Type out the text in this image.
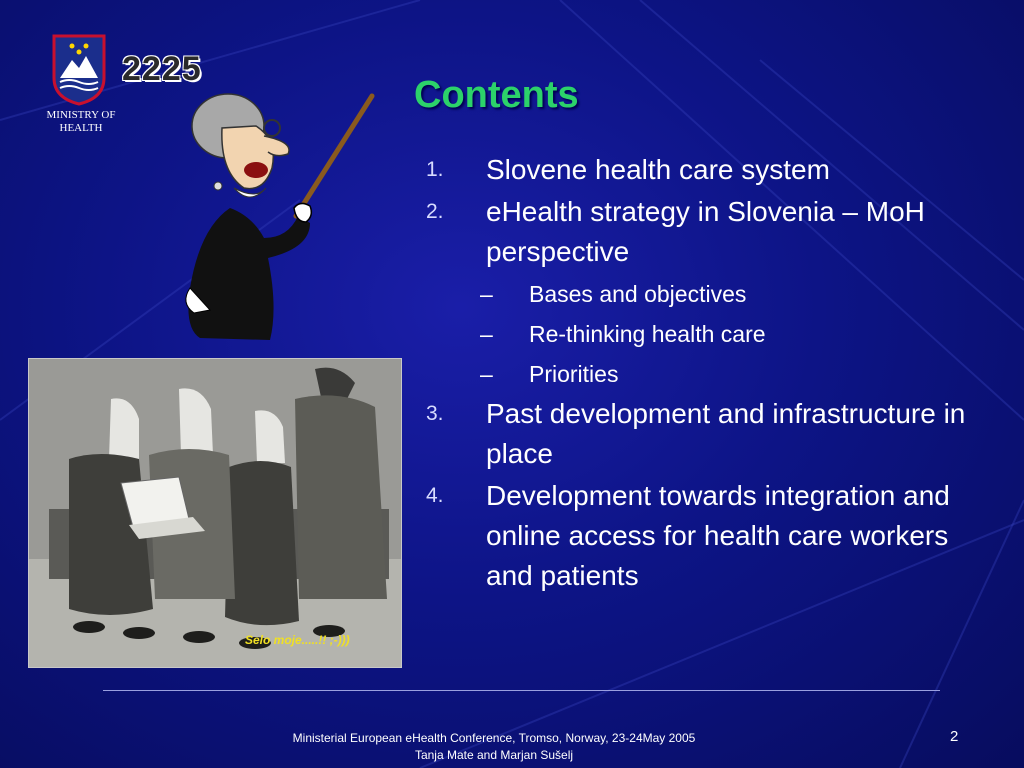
MINISTRY OF HEALTH
2225
Contents
Selo moje.....!! ;-)))
1. Slovene health care system
2. eHealth strategy in Slovenia – MoH perspective
– Bases and objectives
– Re-thinking health care
– Priorities
3. Past development and infrastructure in place
4. Development towards integration and online access for health care workers and patients
Ministerial European eHealth Conference, Tromso, Norway, 23-24May 2005
Tanja Mate and Marjan Sušelj
2
